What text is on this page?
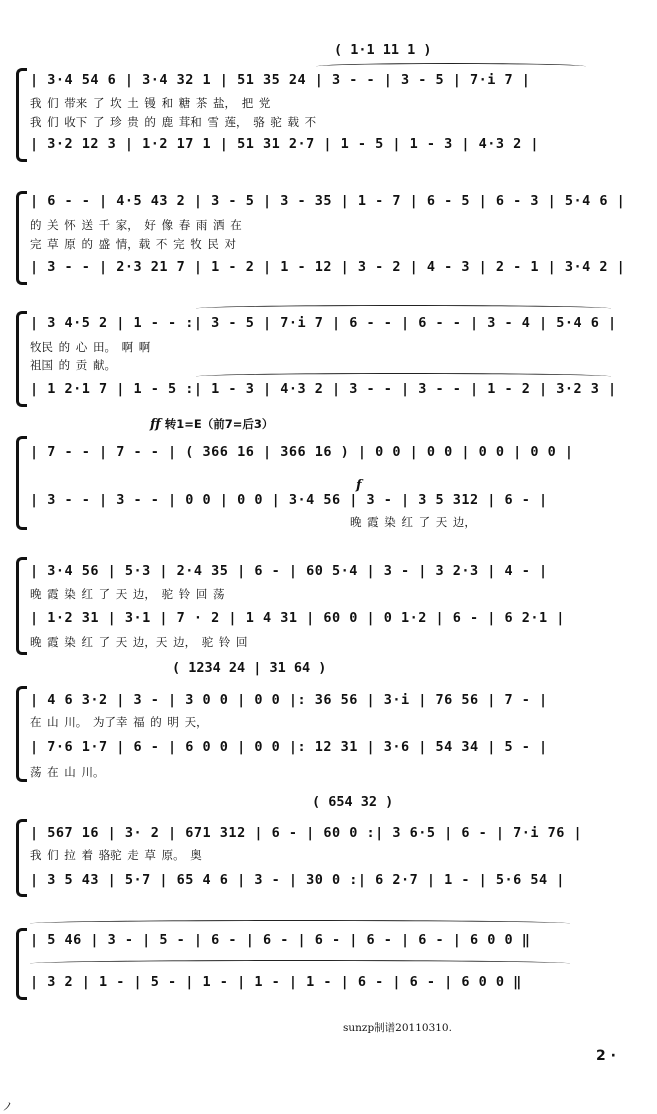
( 1·1 11 1 )
| 3·4 54 6 | 3·4 32 1 | 51 35 24 | 3 - - | 3 - 5 | 7·i 7 |
我 们 带来 了 坎 土 镘 和 糖 茶 盐， 把 党
我 们 收下 了 珍 贵 的 鹿 茸和 雪 莲， 骆 驼 载 不
| 3·2 12 3 | 1·2 17 1 | 51 31 2·7 | 1 - 5 | 1 - 3 | 4·3 2 |
| 6 - - | 4·5 43 2 | 3 - 5 | 3 - 35 | 1 - 7 | 6 - 5 | 6 - 3 | 5·4 6 |
的 关 怀 送 千 家， 好 像 春 雨 洒 在
完 草 原 的 盛 情，载 不 完 牧 民 对
| 3 - - | 2·3 21 7 | 1 - 2 | 1 - 12 | 3 - 2 | 4 - 3 | 2 - 1 | 3·4 2 |
| 3 4·5 2 | 1 - - :| 3 - 5 | 7·i 7 | 6 - - | 6 - - | 3 - 4 | 5·4 6 |
牧民 的 心 田。 啊 啊
祖国 的 贡 献。
| 1 2·1 7 | 1 - 5 :| 1 - 3 | 4·3 2 | 3 - - | 3 - - | 1 - 2 | 3·2 3 |
ff 转1=E（前7=后3）
| 7 - - | 7 - - | ( 366 16 | 366 16 ) | 0 0 | 0 0 | 0 0 | 0 0 |
f
| 3 - - | 3 - - | 0 0 | 0 0 | 3·4 56 | 3 - | 3 5 312 | 6 - |
晚 霞 染 红 了 天 边，
| 3·4 56 | 5·3 | 2·4 35 | 6 - | 60 5·4 | 3 - | 3 2·3 | 4 - |
晚 霞 染 红 了 天 边， 驼 铃 回 荡
| 1·2 31 | 3·1 | 7 · 2 | 1 4 31 | 60 0 | 0 1·2 | 6 - | 6 2·1 |
晚 霞 染 红 了 天 边，天 边， 驼 铃 回
( 1234 24 | 31 64 )
| 4 6 3·2 | 3 - | 3 0 0 | 0 0 |: 36 56 | 3·i | 76 56 | 7 - |
在 山 川。 为了幸 福 的 明 天，
| 7·6 1·7 | 6 - | 6 0 0 | 0 0 |: 12 31 | 3·6 | 54 34 | 5 - |
荡 在 山 川。
( 654 32 )
| 567 16 | 3· 2 | 671 312 | 6 - | 60 0 :| 3 6·5 | 6 - | 7·i 76 |
我 们 拉 着 骆驼 走 草 原。 奥
| 3 5 43 | 5·7 | 65 4 6 | 3 - | 30 0 :| 6 2·7 | 1 - | 5·6 54 |
| 5 46 | 3 - | 5 - | 6 - | 6 - | 6 - | 6 - | 6 - | 6 0 0 ‖
| 3 2 | 1 - | 5 - | 1 - | 1 - | 1 - | 6 - | 6 - | 6 0 0 ‖
sunzp制谱20110310.
2 ·
ノ
